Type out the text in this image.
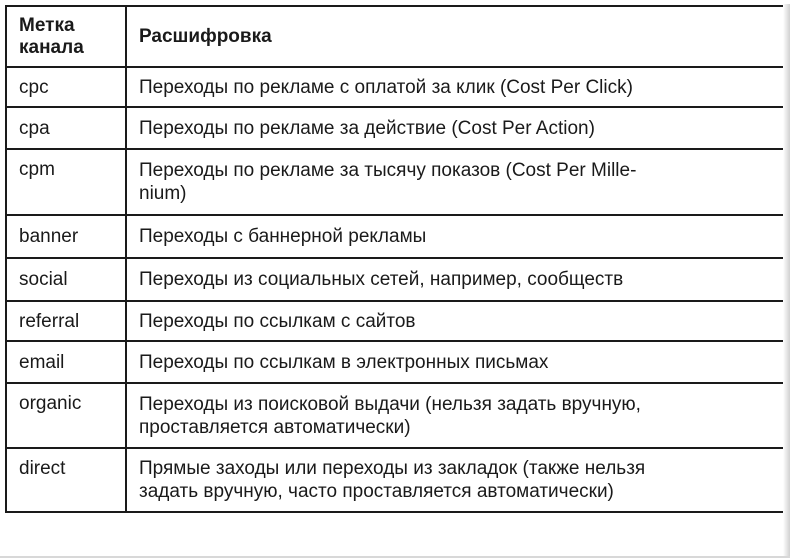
Метка
канала	Расшифровка
cpc	Переходы по рекламе с оплатой за клик (Cost Per Click)
cpa	Переходы по рекламе за действие (Cost Per Action)
cpm	Переходы по рекламе за тысячу показов (Cost Per Mille-
nium)
banner	Переходы с баннерной рекламы
social	Переходы из социальных сетей, например, сообществ
referral	Переходы по ссылкам с сайтов
email	Переходы по ссылкам в электронных письмах
organic	Переходы из поисковой выдачи (нельзя задать вручную,
проставляется автоматически)
direct	Прямые заходы или переходы из закладок (также нельзя
задать вручную, часто проставляется автоматически)
